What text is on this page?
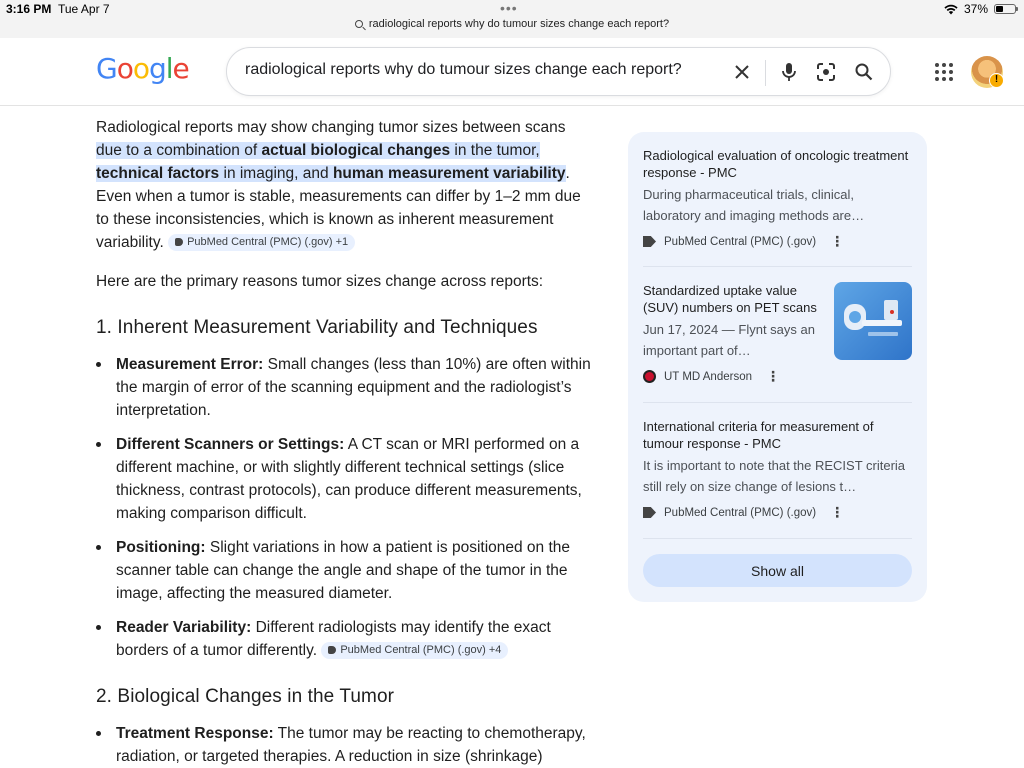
3:16 PM Tue Apr 7	•••
radiological reports why do tumour sizes change each report?
37%
Google
radiological reports why do tumour sizes change each report?	!

Radiological reports may show changing tumor sizes between scans due to a combination of actual biological changes in the tumor, technical factors in imaging, and human measurement variability. Even when a tumor is stable, measurements can differ by 1–2 mm due to these inconsistencies, which is known as inherent measurement variability. PubMed Central (PMC) (.gov) +1

Here are the primary reasons tumor sizes change across reports:

1. Inherent Measurement Variability and Techniques
Measurement Error: Small changes (less than 10%) are often within the margin of error of the scanning equipment and the radiologist’s interpretation.
Different Scanners or Settings: A CT scan or MRI performed on a different machine, or with slightly different technical settings (slice thickness, contrast protocols), can produce different measurements, making comparison difficult.
Positioning: Slight variations in how a patient is positioned on the scanner table can change the angle and shape of the tumor in the image, affecting the measured diameter.
Reader Variability: Different radiologists may identify the exact borders of a tumor differently. PubMed Central (PMC) (.gov) +4
2. Biological Changes in the Tumor
Treatment Response: The tumor may be reacting to chemotherapy, radiation, or targeted therapies. A reduction in size (shrinkage)
Radiological evaluation of oncologic treatment response - PMC
During pharmaceutical trials, clinical, laboratory and imaging methods are…
PubMed Central (PMC) (.gov) ⋮
Standardized uptake value (SUV) numbers on PET scans
Jun 17, 2024 — Flynt says an important part of…
UT MD Anderson ⋮
International criteria for measurement of tumour response - PMC
It is important to note that the RECIST criteria still rely on size change of lesions t…
PubMed Central (PMC) (.gov) ⋮
Show all
